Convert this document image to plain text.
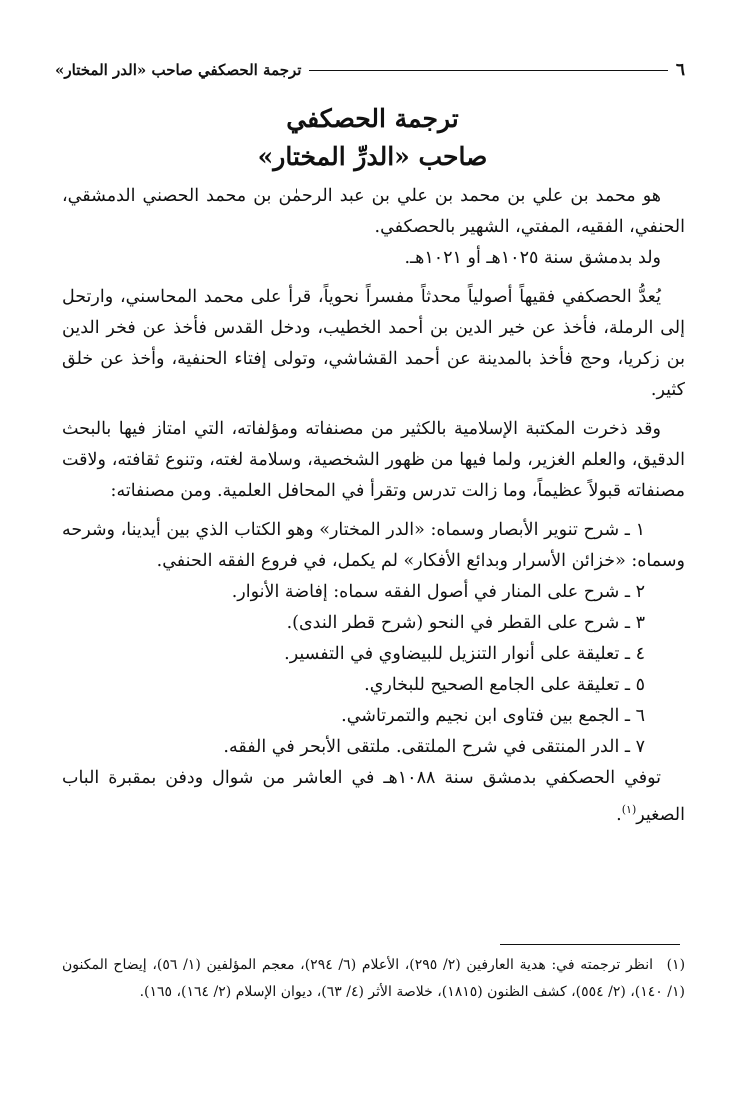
٦
ترجمة الحصكفي صاحب «الدر المختار»
ترجمة الحصكفي
صاحب «الدرِّ المختار»

هو محمد بن علي بن محمد بن علي بن عبد الرحمٰن بن محمد الحصني الدمشقي، الحنفي، الفقيه، المفتي، الشهير بالحصكفي.

ولد بدمشق سنة ١٠٢٥هـ أو ١٠٢١هـ.

يُعدُّ الحصكفي فقيهاً أصولياً محدثاً مفسراً نحوياً، قرأ على محمد المحاسني، وارتحل إلى الرملة، فأخذ عن خير الدين بن أحمد الخطيب، ودخل القدس فأخذ عن فخر الدين بن زكريا، وحج فأخذ بالمدينة عن أحمد القشاشي، وتولى إفتاء الحنفية، وأخذ عن خلق كثير.

وقد ذخرت المكتبة الإسلامية بالكثير من مصنفاته ومؤلفاته، التي امتاز فيها بالبحث الدقيق، والعلم الغزير، ولما فيها من ظهور الشخصية، وسلامة لغته، وتنوع ثقافته، ولاقت مصنفاته قبولاً عظيماً، وما زالت تدرس وتقرأ في المحافل العلمية. ومن مصنفاته:

١ ـ شرح تنوير الأبصار وسماه: «الدر المختار» وهو الكتاب الذي بين أيدينا، وشرحه وسماه: «خزائن الأسرار وبدائع الأفكار» لم يكمل، في فروع الفقه الحنفي.

٢ ـ شرح على المنار في أصول الفقه سماه: إفاضة الأنوار.

٣ ـ شرح على القطر في النحو (شرح قطر الندى).

٤ ـ تعليقة على أنوار التنزيل للبيضاوي في التفسير.

٥ ـ تعليقة على الجامع الصحيح للبخاري.

٦ ـ الجمع بين فتاوى ابن نجيم والتمرتاشي.

٧ ـ الدر المنتقى في شرح الملتقى. ملتقى الأبحر في الفقه.

توفي الحصكفي بدمشق سنة ١٠٨٨هـ في العاشر من شوال ودفن بمقبرة الباب الصغير$^{(١)}$.

(١)انظر ترجمته في: هدية العارفين (٢/ ٢٩٥)، الأعلام (٦/ ٢٩٤)، معجم المؤلفين (١/ ٥٦)، إيضاح المكنون (١/ ١٤٠)، (٢/ ٥٥٤)، كشف الظنون (١٨١٥)، خلاصة الأثر (٤/ ٦٣)، ديوان الإسلام (٢/ ١٦٤)، ١٦٥).
